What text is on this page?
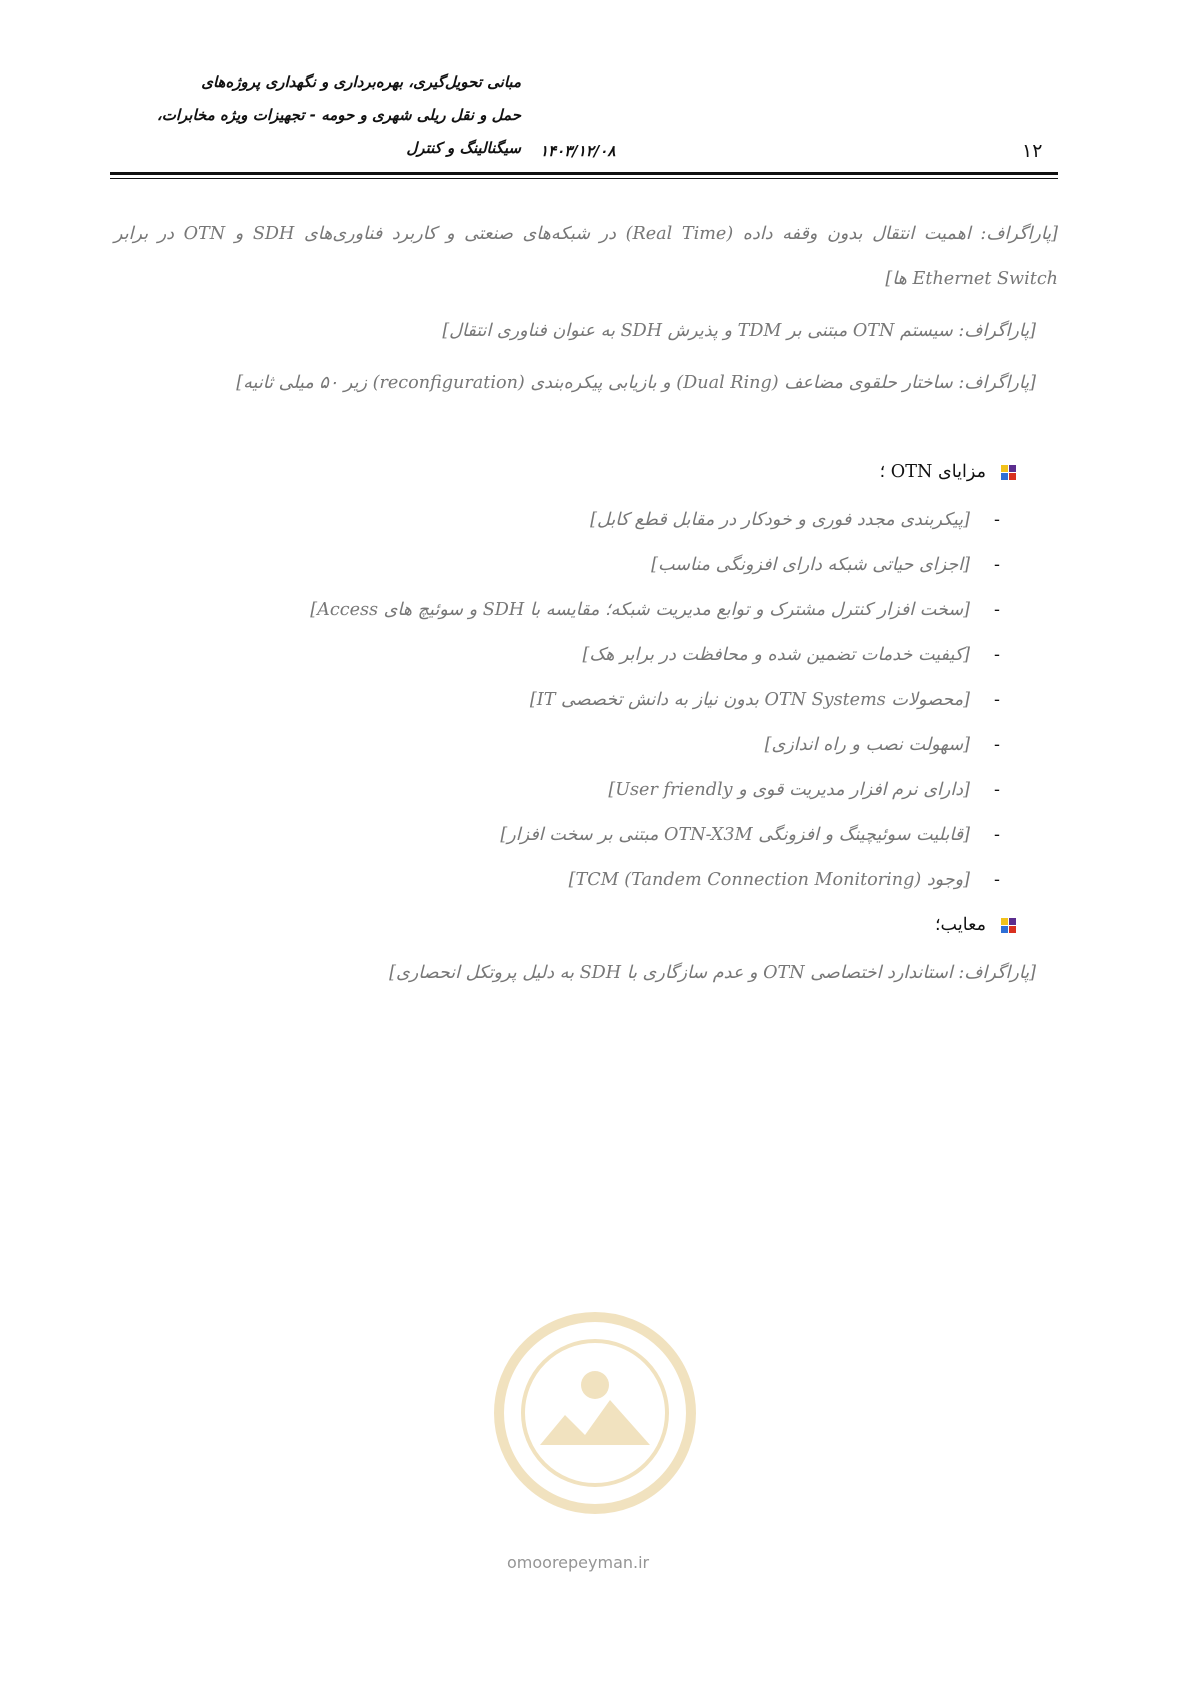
مبانی تحویل‌گیری، بهره‌برداری و نگهداری پروژه‌های
حمل و نقل ریلی شهری و حومه - تجهیزات ویژه مخابرات،
سیگنالینگ و کنترل ۱۴۰۳/۱۲/۰۸	۱۲

[پاراگراف: اهمیت انتقال بدون وقفه داده (Real Time) در شبکه‌های صنعتی و کاربرد فناوری‌های SDH و OTN در برابر Ethernet Switch ها]

[پاراگراف: سیستم OTN مبتنی بر TDM و پذیرش SDH به عنوان فناوری انتقال]

[پاراگراف: ساختار حلقوی مضاعف (Dual Ring) و بازیابی پیکره‌بندی (reconfiguration) زیر ۵۰ میلی ثانیه]

مزایای OTN ؛
-
[پیکربندی مجدد فوری و خودکار در مقابل قطع کابل]
-
[اجزای حیاتی شبکه دارای افزونگی مناسب]
-
[سخت افزار کنترل مشترک و توابع مدیریت شبکه؛ مقایسه با SDH و سوئیچ های Access]
-
[کیفیت خدمات تضمین شده و محافظت در برابر هک]
-
[محصولات OTN Systems بدون نیاز به دانش تخصصی IT]
-
[سهولت نصب و راه اندازی]
-
[دارای نرم افزار مدیریت قوی و User friendly]
-
[قابلیت سوئیچینگ و افزونگی OTN-X3M مبتنی بر سخت افزار]
-
[وجود TCM (Tandem Connection Monitoring)]
معایب؛

[پاراگراف: استاندارد اختصاصی OTN و عدم سازگاری با SDH به دلیل پروتکل انحصاری]

omoorepeyman.ir
